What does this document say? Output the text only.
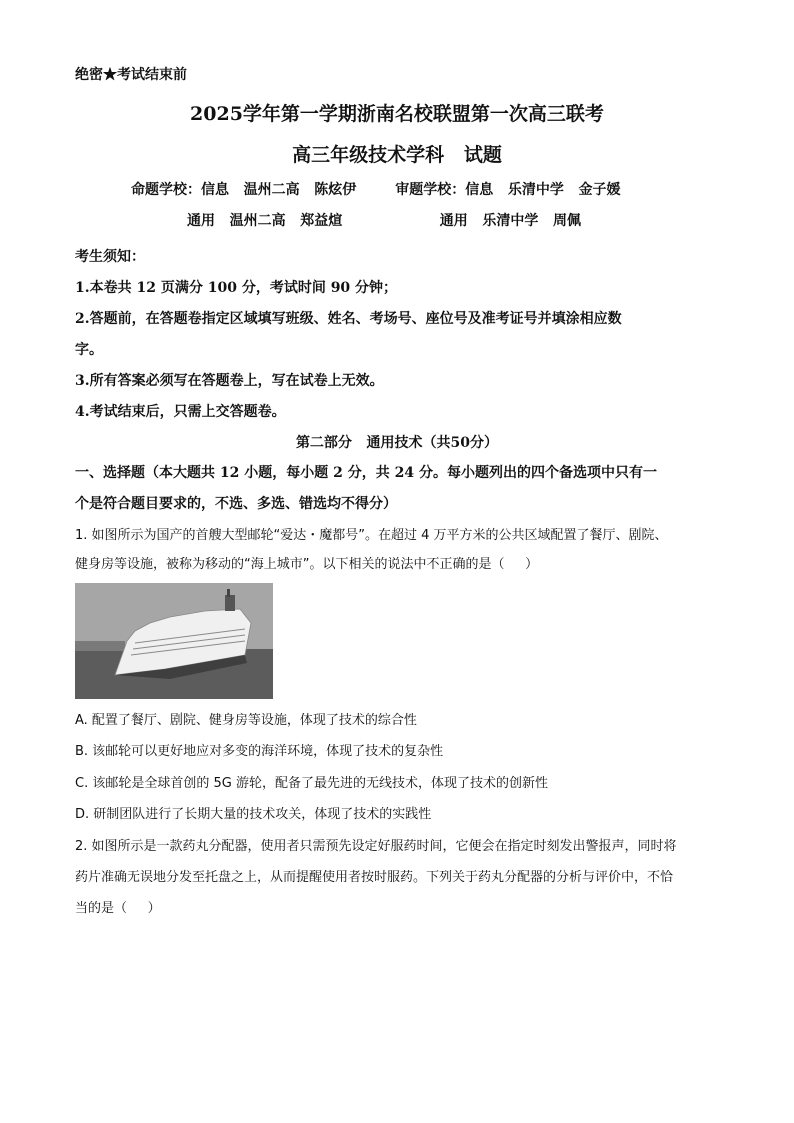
绝密★考试结束前
2025学年第一学期浙南名校联盟第一次高三联考
高三年级技术学科   试题
命题学校：信息   温州二高   陈炫伊        审题学校：信息   乐清中学   金子媛
通用   温州二高   郑益煊                    通用   乐清中学   周佩
考生须知：
1.本卷共 12 页满分 100 分，考试时间 90 分钟；
2.答题前，在答题卷指定区域填写班级、姓名、考场号、座位号及准考证号并填涂相应数
字。
3.所有答案必须写在答题卷上，写在试卷上无效。
4.考试结束后，只需上交答题卷。
第二部分   通用技术（共50分）
一、选择题（本大题共 12 小题，每小题 2 分，共 24 分。每小题列出的四个备选项中只有一
个是符合题目要求的，不选、多选、错选均不得分）
1. 如图所示为国产的首艘大型邮轮“爱达・魔都号”。在超过 4 万平方米的公共区域配置了餐厅、剧院、
健身房等设施，被称为移动的“海上城市”。以下相关的说法中不正确的是（     ）
A. 配置了餐厅、剧院、健身房等设施，体现了技术的综合性
B. 该邮轮可以更好地应对多变的海洋环境，体现了技术的复杂性
C. 该邮轮是全球首创的 5G 游轮，配备了最先进的无线技术，体现了技术的创新性
D. 研制团队进行了长期大量的技术攻关，体现了技术的实践性
2. 如图所示是一款药丸分配器，使用者只需预先设定好服药时间，它便会在指定时刻发出警报声，同时将
药片准确无误地分发至托盘之上，从而提醒使用者按时服药。下列关于药丸分配器的分析与评价中，不恰
当的是（     ）
